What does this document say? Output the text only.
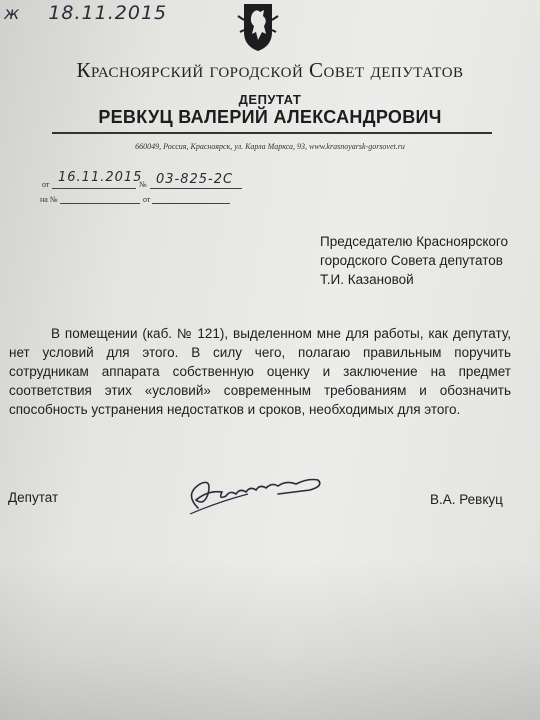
ж 18.11.2015
Красноярский городской Совет депутатов
ДЕПУТАТ
РЕВКУЦ ВАЛЕРИЙ АЛЕКСАНДРОВИЧ
660049, Россия, Красноярск, ул. Карла Маркса, 93, www.krasnoyarsk-gorsovet.ru
от 16.11.2015
№ 03-825-2С
на №	от
Председателю Красноярского
городского Совета депутатов
Т.И. Казановой
В помещении (каб. № 121), выделенном мне для работы, как депутату, нет условий для этого. В силу чего, полагаю правильным поручить сотрудникам аппарата собственную оценку и заключение на предмет соответствия этих «условий» современным требованиям и обозначить способность устранения недостатков и сроков, необходимых для этого.
Депутат	В.А. Ревкуц
